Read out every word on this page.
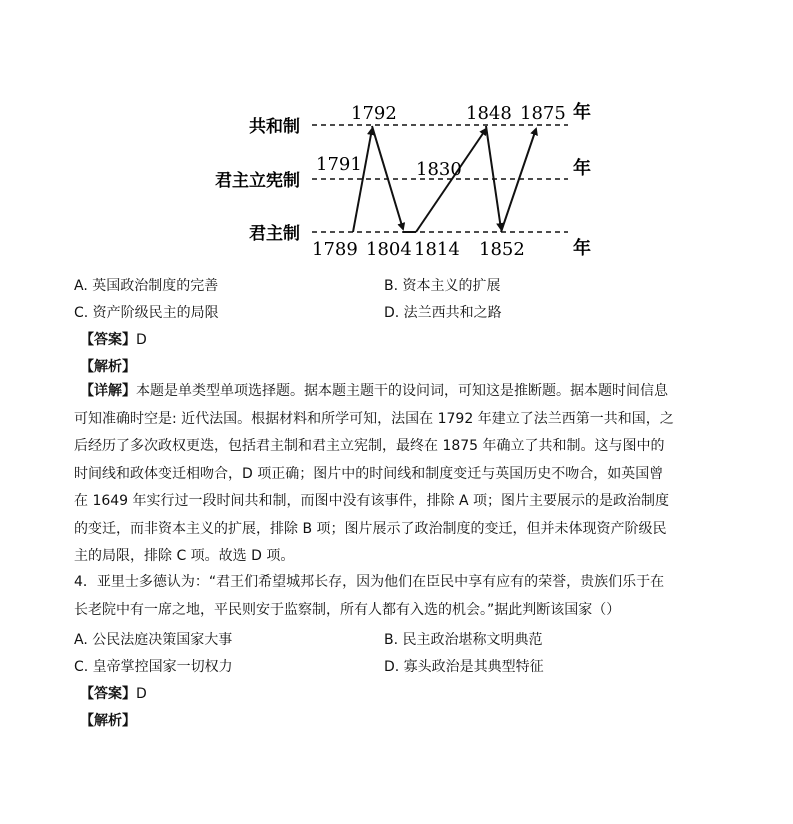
共和制
君主立宪制
君主制
年
年
年
1792	1848 1875
1791	1830
1789 1804 1814 1852
A. 英国政治制度的完善	B. 资本主义的扩展
C. 资产阶级民主的局限	D. 法兰西共和之路
【答案】D
【解析】
【详解】本题是单类型单项选择题。据本题主题干的设问词，可知这是推断题。据本题时间信息可知准确时空是: 近代法国。根据材料和所学可知，法国在 1792 年建立了法兰西第一共和国，之后经历了多次政权更迭，包括君主制和君主立宪制，最终在 1875 年确立了共和制。这与图中的时间线和政体变迁相吻合，D 项正确；图片中的时间线和制度变迁与英国历史不吻合，如英国曾在 1649 年实行过一段时间共和制，而图中没有该事件，排除 A 项；图片主要展示的是政治制度的变迁，而非资本主义的扩展，排除 B 项；图片展示了政治制度的变迁，但并未体现资产阶级民主的局限，排除 C 项。故选 D 项。
4．亚里士多德认为：“君王们希望城邦长存，因为他们在臣民中享有应有的荣誉，贵族们乐于在长老院中有一席之地，平民则安于监察制，所有人都有入选的机会。”据此判断该国家（）
A. 公民法庭决策国家大事	B. 民主政治堪称文明典范
C. 皇帝掌控国家一切权力	D. 寡头政治是其典型特征
【答案】D
【解析】
